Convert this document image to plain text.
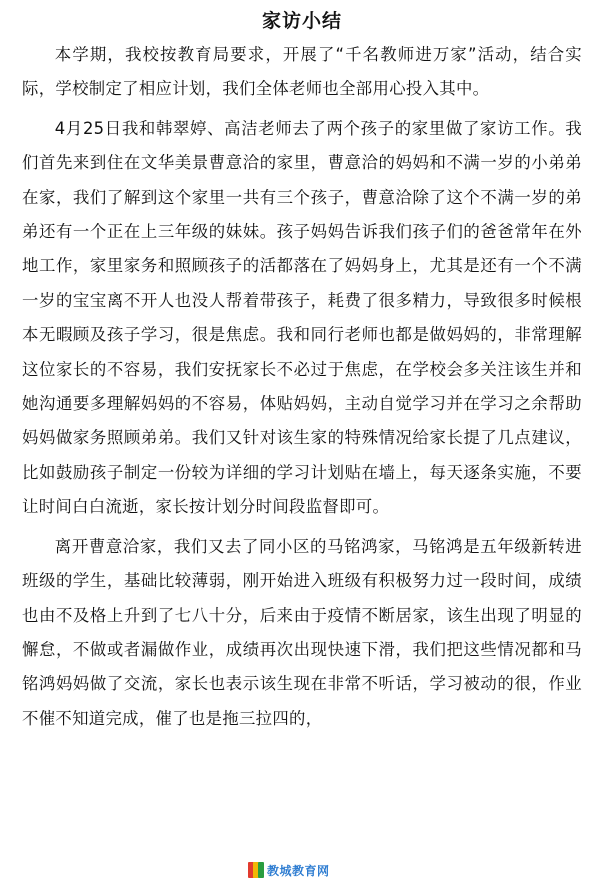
家访小结

本学期，我校按教育局要求，开展了“千名教师进万家”活动，结合实际，学校制定了相应计划，我们全体老师也全部用心投入其中。

4月25日我和韩翠婷、高洁老师去了两个孩子的家里做了家访工作。我们首先来到住在文华美景曹意洽的家里，曹意洽的妈妈和不满一岁的小弟弟在家，我们了解到这个家里一共有三个孩子，曹意洽除了这个不满一岁的弟弟还有一个正在上三年级的妹妹。孩子妈妈告诉我们孩子们的爸爸常年在外地工作，家里家务和照顾孩子的活都落在了妈妈身上，尤其是还有一个不满一岁的宝宝离不开人也没人帮着带孩子，耗费了很多精力，导致很多时候根本无暇顾及孩子学习，很是焦虑。我和同行老师也都是做妈妈的，非常理解这位家长的不容易，我们安抚家长不必过于焦虑，在学校会多关注该生并和她沟通要多理解妈妈的不容易，体贴妈妈，主动自觉学习并在学习之余帮助妈妈做家务照顾弟弟。我们又针对该生家的特殊情况给家长提了几点建议，比如鼓励孩子制定一份较为详细的学习计划贴在墙上，每天逐条实施，不要让时间白白流逝，家长按计划分时间段监督即可。

离开曹意洽家，我们又去了同小区的马铭鸿家，马铭鸿是五年级新转进班级的学生，基础比较薄弱，刚开始进入班级有积极努力过一段时间，成绩也由不及格上升到了七八十分，后来由于疫情不断居家，该生出现了明显的懈怠，不做或者漏做作业，成绩再次出现快速下滑，我们把这些情况都和马铭鸿妈妈做了交流，家长也表示该生现在非常不听话，学习被动的很，作业不催不知道完成，催了也是拖三拉四的，

教城教育网
